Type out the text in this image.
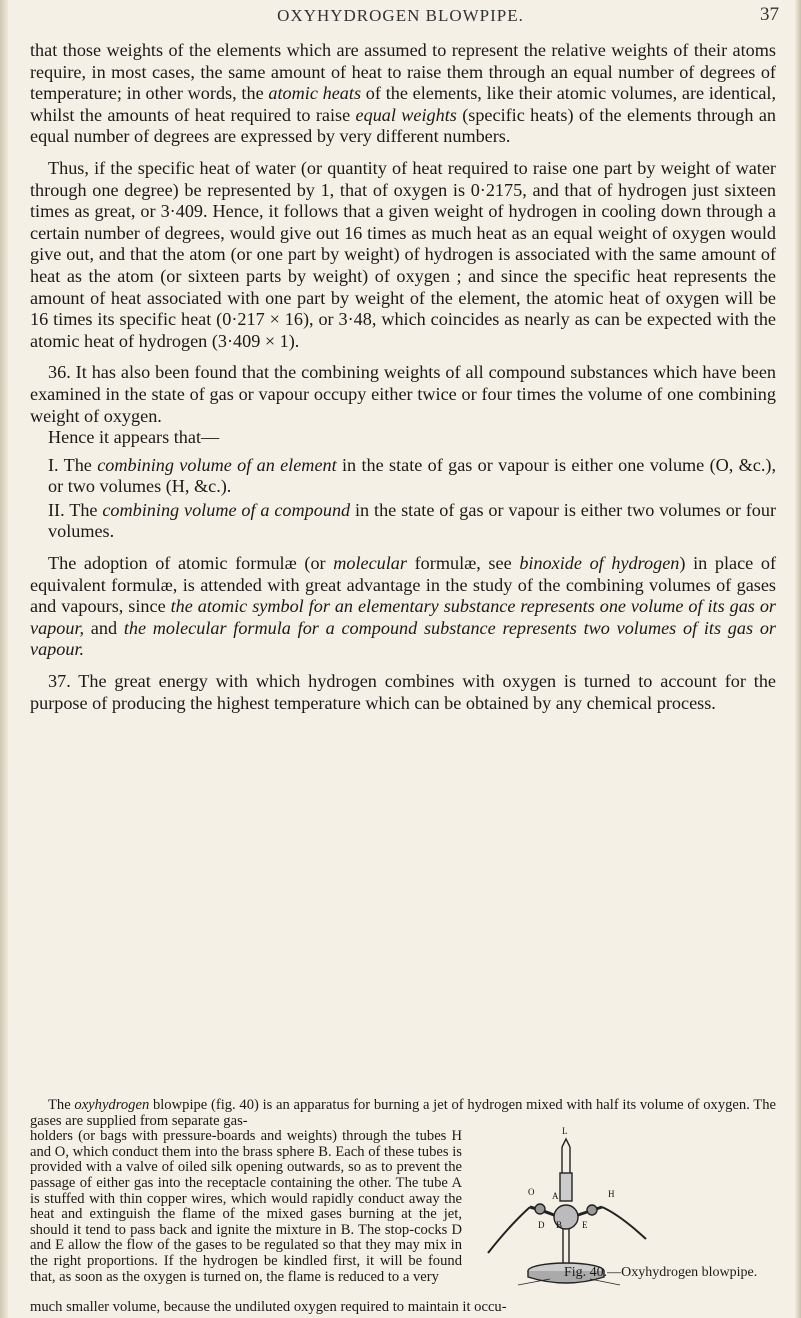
OXYHYDROGEN BLOWPIPE.	37

that those weights of the elements which are assumed to represent the relative weights of their atoms require, in most cases, the same amount of heat to raise them through an equal number of degrees of temperature; in other words, the atomic heats of the elements, like their atomic volumes, are identical, whilst the amounts of heat required to raise equal weights (specific heats) of the elements through an equal number of degrees are expressed by very different numbers.

Thus, if the specific heat of water (or quantity of heat required to raise one part by weight of water through one degree) be represented by 1, that of oxygen is 0·2175, and that of hydrogen just sixteen times as great, or 3·409. Hence, it follows that a given weight of hydrogen in cooling down through a certain number of degrees, would give out 16 times as much heat as an equal weight of oxygen would give out, and that the atom (or one part by weight) of hydrogen is associated with the same amount of heat as the atom (or sixteen parts by weight) of oxygen ; and since the specific heat represents the amount of heat associated with one part by weight of the element, the atomic heat of oxygen will be 16 times its specific heat (0·217 × 16), or 3·48, which coincides as nearly as can be expected with the atomic heat of hydrogen (3·409 × 1).

36. It has also been found that the combining weights of all compound substances which have been examined in the state of gas or vapour occupy either twice or four times the volume of one combining weight of oxygen.

Hence it appears that—

I. The combining volume of an element in the state of gas or vapour is either one volume (O, &c.), or two volumes (H, &c.).

II. The combining volume of a compound in the state of gas or vapour is either two volumes or four volumes.

The adoption of atomic formulæ (or molecular formulæ, see binoxide of hydrogen) in place of equivalent formulæ, is attended with great advantage in the study of the combining volumes of gases and vapours, since the atomic symbol for an elementary substance represents one volume of its gas or vapour, and the molecular formula for a compound substance represents two volumes of its gas or vapour.

37. The great energy with which hydrogen combines with oxygen is turned to account for the purpose of producing the highest temperature which can be obtained by any chemical process.

The oxyhydrogen blowpipe (fig. 40) is an apparatus for burning a jet of hydrogen mixed with half its volume of oxygen. The gases are supplied from separate gas-

holders (or bags with pressure-boards and weights) through the tubes H and O, which conduct them into the brass sphere B. Each of these tubes is provided with a valve of oiled silk opening outwards, so as to prevent the passage of either gas into the receptacle containing the other. The tube A is stuffed with thin copper wires, which would rapidly conduct away the heat and extinguish the flame of the mixed gases burning at the jet, should it tend to pass back and ignite the mixture in B. The stop-cocks D and E allow the flow of the gases to be regulated so that they may mix in the right proportions. If the hydrogen be kindled first, it will be found that, as soon as the oxygen is turned on, the flame is reduced to a very

L
O A	H
D B E
Fig. 40.—Oxyhydrogen blowpipe.

much smaller volume, because the undiluted oxygen required to maintain it occu-
